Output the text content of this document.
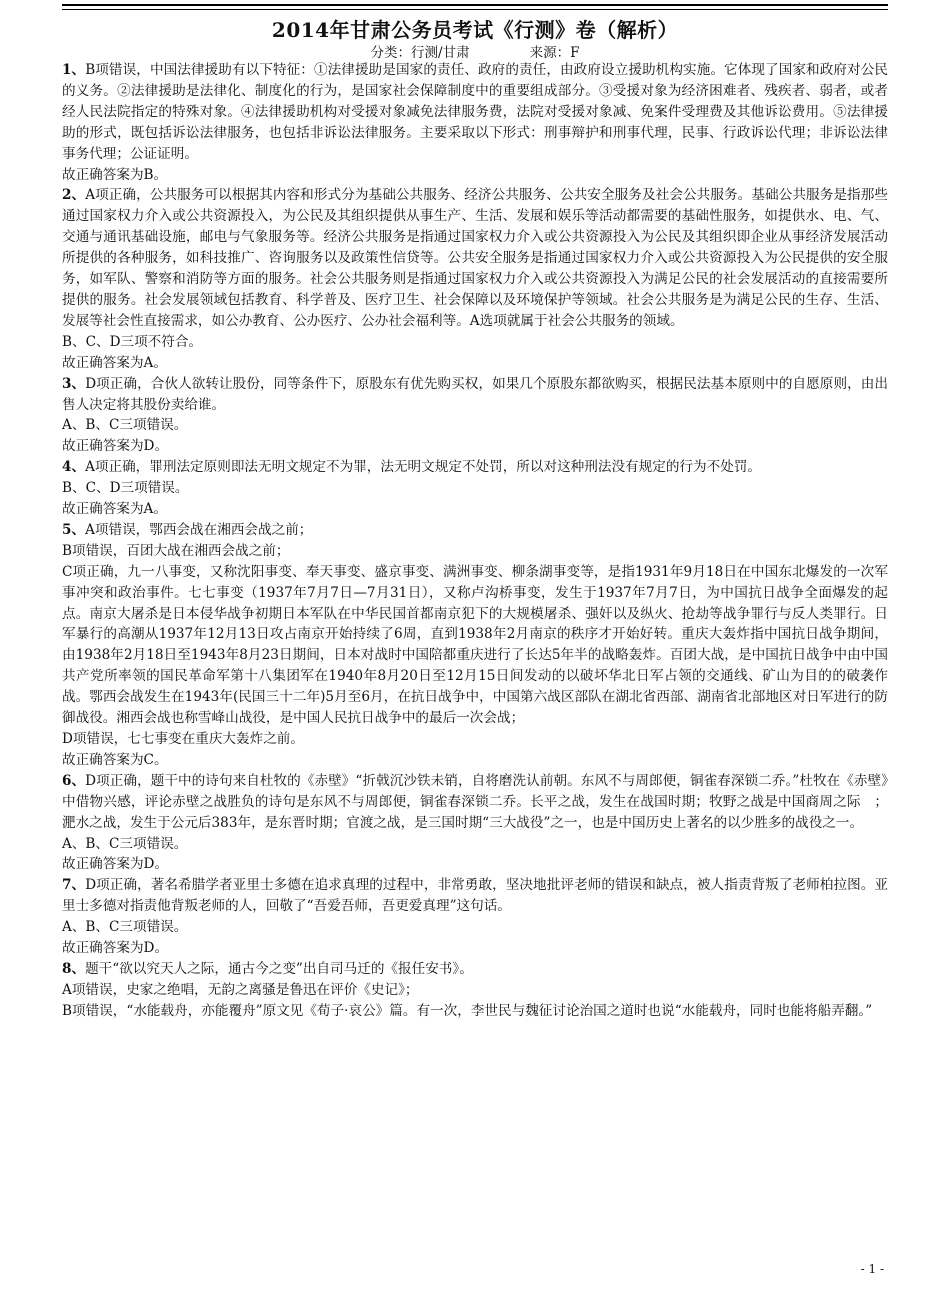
2014年甘肃公务员考试《行测》卷（解析）
分类：行测/甘肃	来源：F

1、B项错误，中国法律援助有以下特征：①法律援助是国家的责任、政府的责任，由政府设立援助机构实施。它体现了国家和政府对公民的义务。②法律援助是法律化、制度化的行为，是国家社会保障制度中的重要组成部分。③受援对象为经济困难者、残疾者、弱者，或者经人民法院指定的特殊对象。④法律援助机构对受援对象减免法律服务费，法院对受援对象减、免案件受理费及其他诉讼费用。⑤法律援助的形式，既包括诉讼法律服务，也包括非诉讼法律服务。主要采取以下形式：刑事辩护和刑事代理，民事、行政诉讼代理；非诉讼法律事务代理；公证证明。

故正确答案为B。

2、A项正确，公共服务可以根据其内容和形式分为基础公共服务、经济公共服务、公共安全服务及社会公共服务。基础公共服务是指那些通过国家权力介入或公共资源投入，为公民及其组织提供从事生产、生活、发展和娱乐等活动都需要的基础性服务，如提供水、电、气、交通与通讯基础设施，邮电与气象服务等。经济公共服务是指通过国家权力介入或公共资源投入为公民及其组织即企业从事经济发展活动所提供的各种服务，如科技推广、咨询服务以及政策性信贷等。公共安全服务是指通过国家权力介入或公共资源投入为公民提供的安全服务，如军队、警察和消防等方面的服务。社会公共服务则是指通过国家权力介入或公共资源投入为满足公民的社会发展活动的直接需要所提供的服务。社会发展领域包括教育、科学普及、医疗卫生、社会保障以及环境保护等领域。社会公共服务是为满足公民的生存、生活、发展等社会性直接需求，如公办教育、公办医疗、公办社会福利等。A选项就属于社会公共服务的领域。

B、C、D三项不符合。

故正确答案为A。

3、D项正确，合伙人欲转让股份，同等条件下，原股东有优先购买权，如果几个原股东都欲购买，根据民法基本原则中的自愿原则，由出售人决定将其股份卖给谁。

A、B、C三项错误。

故正确答案为D。

4、A项正确，罪刑法定原则即法无明文规定不为罪，法无明文规定不处罚，所以对这种刑法没有规定的行为不处罚。

B、C、D三项错误。

故正确答案为A。

5、A项错误，鄂西会战在湘西会战之前；

B项错误，百团大战在湘西会战之前；

C项正确，九一八事变，又称沈阳事变、奉天事变、盛京事变、满洲事变、柳条湖事变等，是指1931年9月18日在中国东北爆发的一次军事冲突和政治事件。七七事变（1937年7月7日—7月31日），又称卢沟桥事变，发生于1937年7月7日，为中国抗日战争全面爆发的起点。南京大屠杀是日本侵华战争初期日本军队在中华民国首都南京犯下的大规模屠杀、强奸以及纵火、抢劫等战争罪行与反人类罪行。日军暴行的高潮从1937年12月13日攻占南京开始持续了6周，直到1938年2月南京的秩序才开始好转。重庆大轰炸指中国抗日战争期间，由1938年2月18日至1943年8月23日期间，日本对战时中国陪都重庆进行了长达5年半的战略轰炸。百团大战，是中国抗日战争中由中国共产党所率领的国民革命军第十八集团军在1940年8月20日至12月15日间发动的以破坏华北日军占领的交通线、矿山为目的的破袭作战。鄂西会战发生在1943年(民国三十二年)5月至6月，在抗日战争中，中国第六战区部队在湖北省西部、湖南省北部地区对日军进行的防御战役。湘西会战也称雪峰山战役，是中国人民抗日战争中的最后一次会战；

D项错误，七七事变在重庆大轰炸之前。

故正确答案为C。

6、D项正确，题干中的诗句来自杜牧的《赤壁》“折戟沉沙铁未销，自将磨洗认前朝。东风不与周郎便，铜雀春深锁二乔。”杜牧在《赤壁》中借物兴感，评论赤壁之战胜负的诗句是东风不与周郎便，铜雀春深锁二乔。长平之战，发生在战国时期；牧野之战是中国商周之际　；淝水之战，发生于公元后383年，是东晋时期；官渡之战，是三国时期“三大战役”之一，也是中国历史上著名的以少胜多的战役之一。

A、B、C三项错误。

故正确答案为D。

7、D项正确，著名希腊学者亚里士多德在追求真理的过程中，非常勇敢，坚决地批评老师的错误和缺点，被人指责背叛了老师柏拉图。亚里士多德对指责他背叛老师的人，回敬了“吾爱吾师，吾更爱真理”这句话。

A、B、C三项错误。

故正确答案为D。

8、题干“欲以究天人之际，通古今之变”出自司马迁的《报任安书》。

A项错误，史家之绝唱，无韵之离骚是鲁迅在评价《史记》；

B项错误，“水能载舟，亦能覆舟”原文见《荀子·哀公》篇。有一次，李世民与魏征讨论治国之道时也说“水能载舟，同时也能将船弄翻。”

- 1 -
